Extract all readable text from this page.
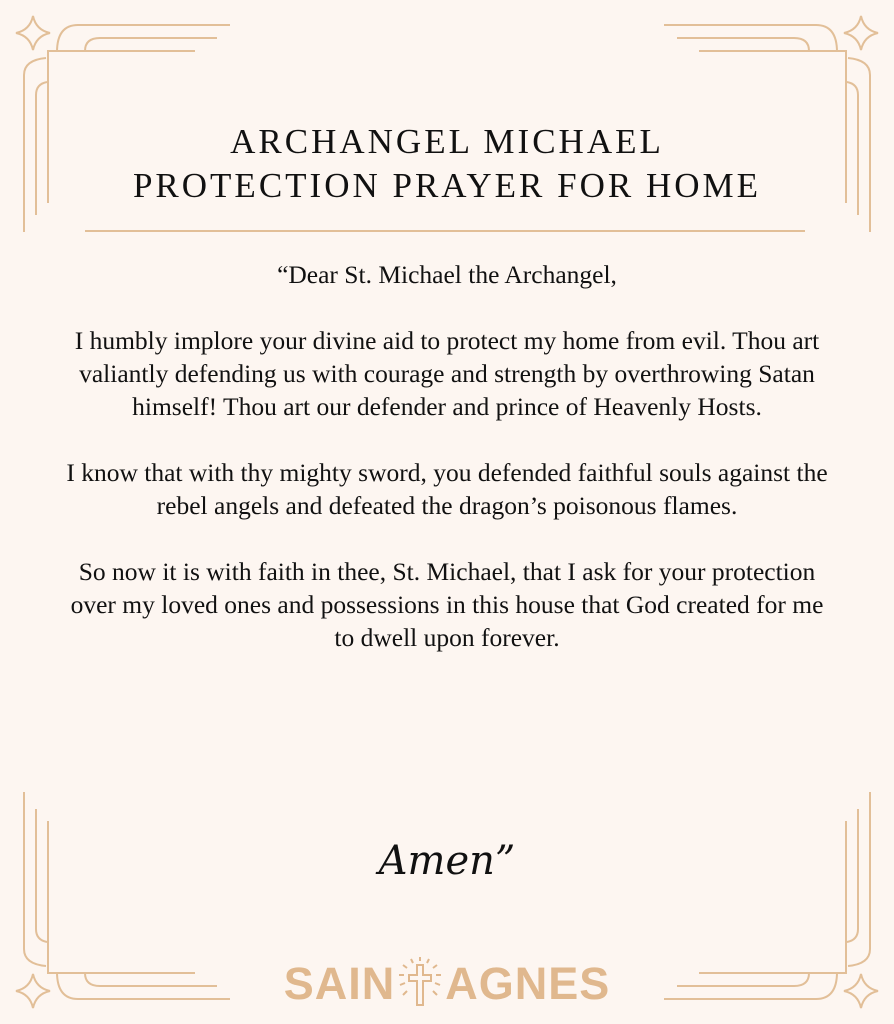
ARCHANGEL MICHAEL
PROTECTION PRAYER FOR HOME

“Dear St. Michael the Archangel,

I humbly implore your divine aid to protect my home from evil. Thou art valiantly defending us with courage and strength by overthrowing Satan himself! Thou art our defender and prince of Heavenly Hosts.

I know that with thy mighty sword, you defended faithful souls against the rebel angels and defeated the dragon’s poisonous flames.

So now it is with faith in thee, St. Michael, that I ask for your protection over my loved ones and possessions in this house that God created for me to dwell upon forever.

Amen”
SAIN AGNES
